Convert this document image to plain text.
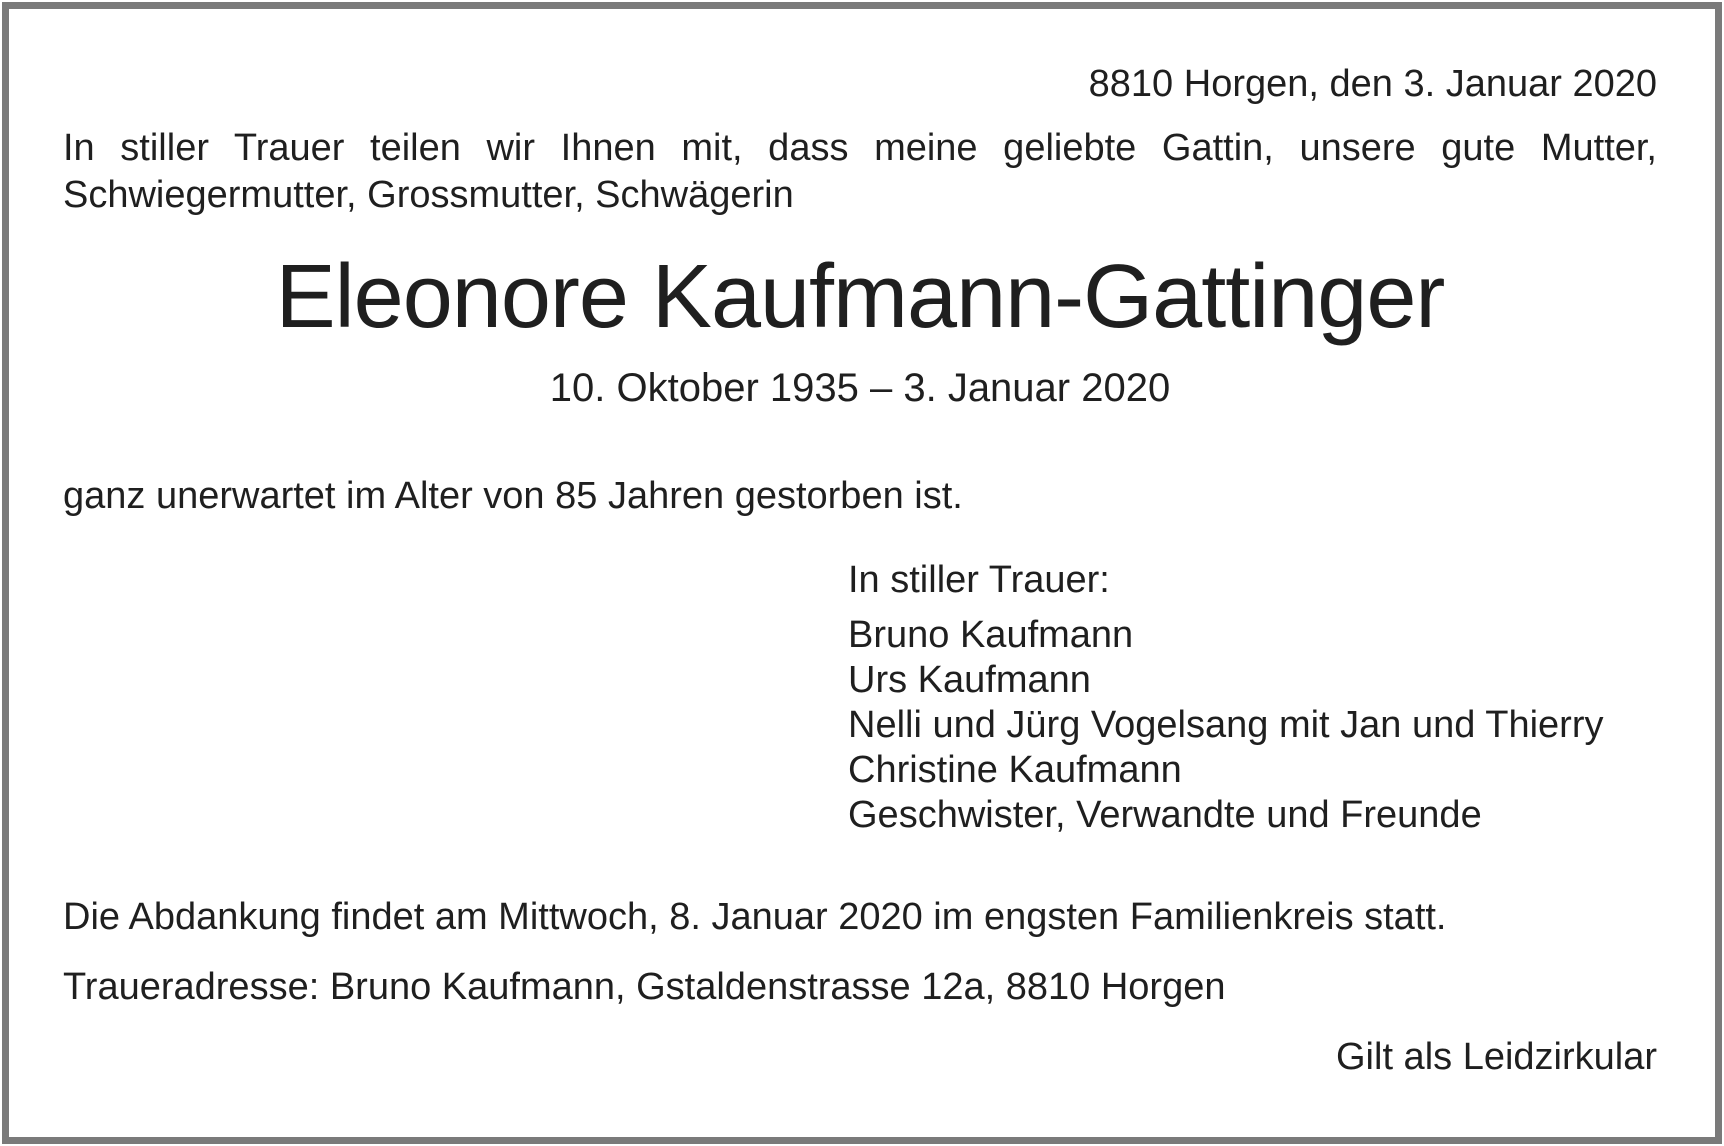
8810 Horgen, den 3. Januar 2020
In stiller Trauer teilen wir Ihnen mit, dass meine geliebte Gattin, unsere gute Mutter,
Schwiegermutter, Grossmutter, Schwägerin
Eleonore Kaufmann-Gattinger
10. Oktober 1935 – 3. Januar 2020
ganz unerwartet im Alter von 85 Jahren gestorben ist.
In stiller Trauer:
Bruno Kaufmann
Urs Kaufmann
Nelli und Jürg Vogelsang mit Jan und Thierry
Christine Kaufmann
Geschwister, Verwandte und Freunde
Die Abdankung findet am Mittwoch, 8. Januar 2020 im engsten Familienkreis statt.
Traueradresse: Bruno Kaufmann, Gstaldenstrasse 12a, 8810 Horgen
Gilt als Leidzirkular
